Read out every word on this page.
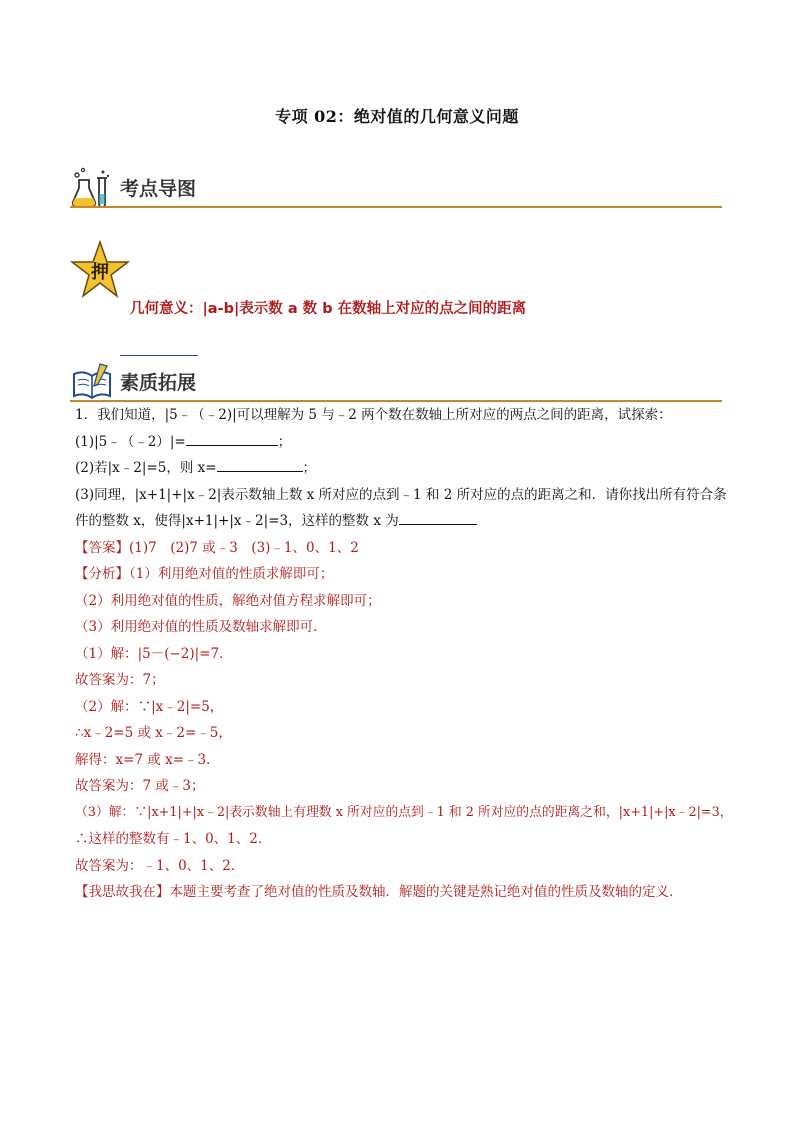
专项 02：绝对值的几何意义问题
考点导图
押
几何意义：|a-b|表示数 a 数 b 在数轴上对应的点之间的距离
素质拓展
1．我们知道，|5﹣（﹣2)|可以理解为 5 与﹣2 两个数在数轴上所对应的两点之间的距离，试探索：
(1)|5﹣（﹣2）|=	；
(2)若|x﹣2|=5，则 x=	；
(3)同理，|x+1|+|x﹣2|表示数轴上数 x 所对应的点到﹣1 和 2 所对应的点的距离之和．请你找出所有符合条
件的整数 x，使得|x+1|+|x﹣2|=3，这样的整数 x 为
【答案】(1)7　(2)7 或﹣3　(3)﹣1、0、1、2
【分析】（1）利用绝对值的性质求解即可；
（2）利用绝对值的性质，解绝对值方程求解即可；
（3）利用绝对值的性质及数轴求解即可．
（1）解：|5－(−2)|=7．
故答案为：7；
（2）解：∵|x﹣2|=5，
∴x﹣2=5 或 x﹣2=﹣5，
解得：x=7 或 x=﹣3．
故答案为：7 或﹣3；
（3）解：∵|x+1|+|x﹣2|表示数轴上有理数 x 所对应的点到﹣1 和 2 所对应的点的距离之和，|x+1|+|x﹣2|=3，
∴这样的整数有﹣1、0、1、2．
故答案为：﹣1、0、1、2．
【我思故我在】本题主要考查了绝对值的性质及数轴．解题的关键是熟记绝对值的性质及数轴的定义．
